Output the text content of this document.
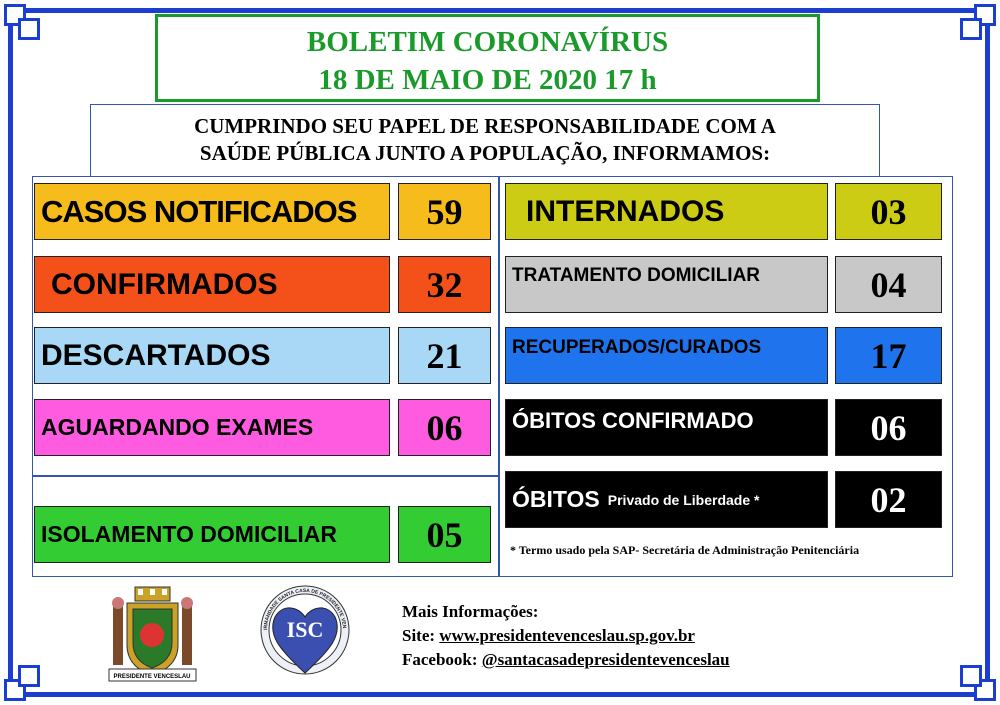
BOLETIM CORONAVÍRUS
18 DE MAIO DE 2020 17 h
CUMPRINDO SEU PAPEL DE RESPONSABILIDADE COM A
SAÚDE PÚBLICA JUNTO A POPULAÇÃO, INFORMAMOS:
CASOS NOTIFICADOS	59
CONFIRMADOS	32
DESCARTADOS	21
AGUARDANDO EXAMES	06
ISOLAMENTO DOMICILIAR	05
INTERNADOS	03
TRATAMENTO DOMICILIAR	04
RECUPERADOS/CURADOS	17
ÓBITOS CONFIRMADO	06
ÓBITOS Privado de Liberdade *	02
* Termo usado pela SAP- Secretária de Administração Penitenciária
PRESIDENTE VENCESLAU
ISC
IRMANDADE SANTA CASA DE PRESIDENTE VEN
Mais Informações:
Site: www.presidentevenceslau.sp.gov.br
Facebook: @santacasadepresidentevenceslau
